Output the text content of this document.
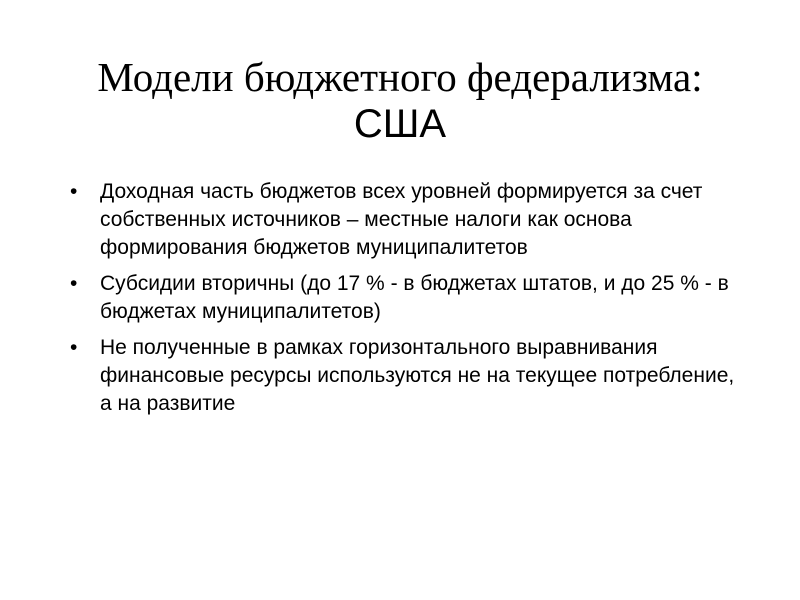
Модели бюджетного федерализма:
США
• Доходная часть бюджетов всех уровней формируется за счет собственных источников – местные налоги как основа формирования бюджетов муниципалитетов
• Субсидии вторичны (до 17 % - в бюджетах штатов, и до 25 % - в бюджетах муниципалитетов)
• Не полученные в рамках горизонтального выравнивания финансовые ресурсы используются не на текущее потребление, а на развитие
